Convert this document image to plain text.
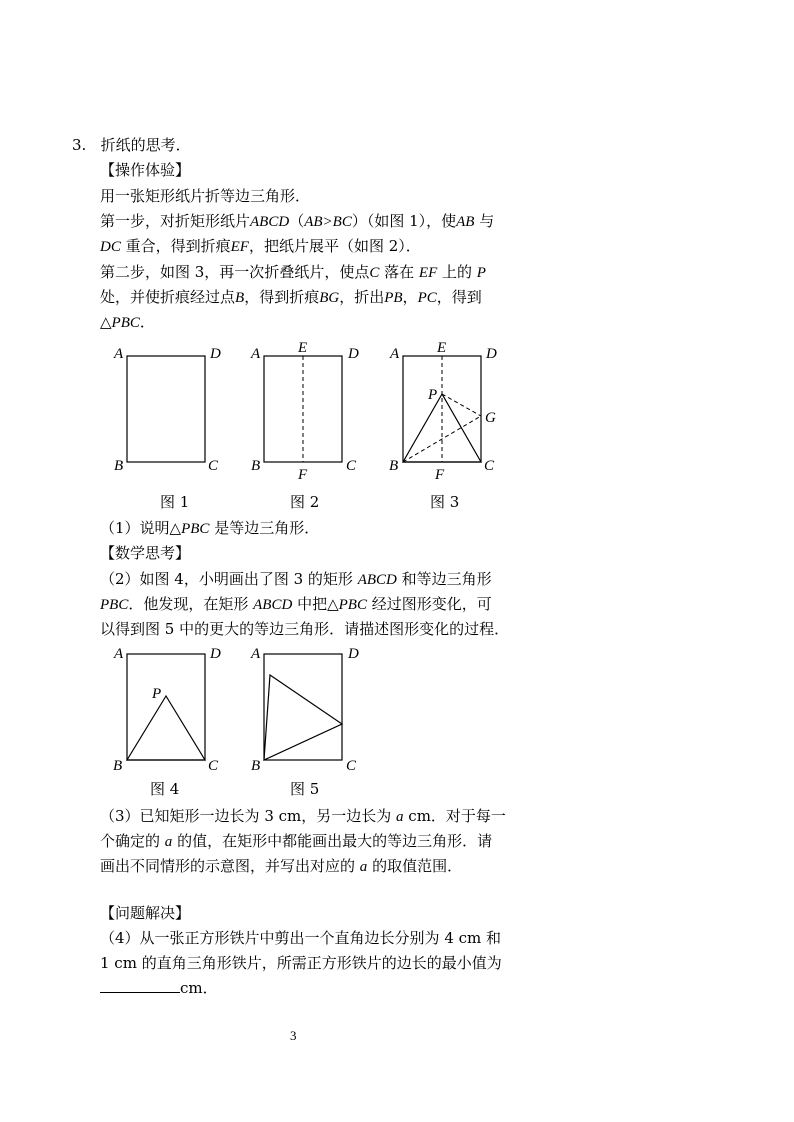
3. 折纸的思考．
【操作体验】
用一张矩形纸片折等边三角形．
第一步，对折矩形纸片ABCD（AB>BC）（如图 1），使AB 与
DC 重合，得到折痕EF，把纸片展平（如图 2）．
第二步，如图 3，再一次折叠纸片，使点C 落在 EF 上的 P
处，并使折痕经过点B，得到折痕BG，折出PB，PC，得到
△PBC．
A	D
B	C
图 1
A	D
E
B	C
F
图 2
A	D
E
P
G
B	C
F
图 3
（1）说明△PBC 是等边三角形．
【数学思考】
（2）如图 4，小明画出了图 3 的矩形 ABCD 和等边三角形
PBC．他发现，在矩形 ABCD 中把△PBC 经过图形变化，可
以得到图 5 中的更大的等边三角形．请描述图形变化的过程．
A	D
P
B	C
图 4
A	D
B	C
图 5
（3）已知矩形一边长为 3 cm，另一边长为 a cm．对于每一
个确定的 a 的值，在矩形中都能画出最大的等边三角形．请
画出不同情形的示意图，并写出对应的 a 的取值范围．
【问题解决】
（4）从一张正方形铁片中剪出一个直角边长分别为 4 cm 和
1 cm 的直角三角形铁片，所需正方形铁片的边长的最小值为
cm．
3
